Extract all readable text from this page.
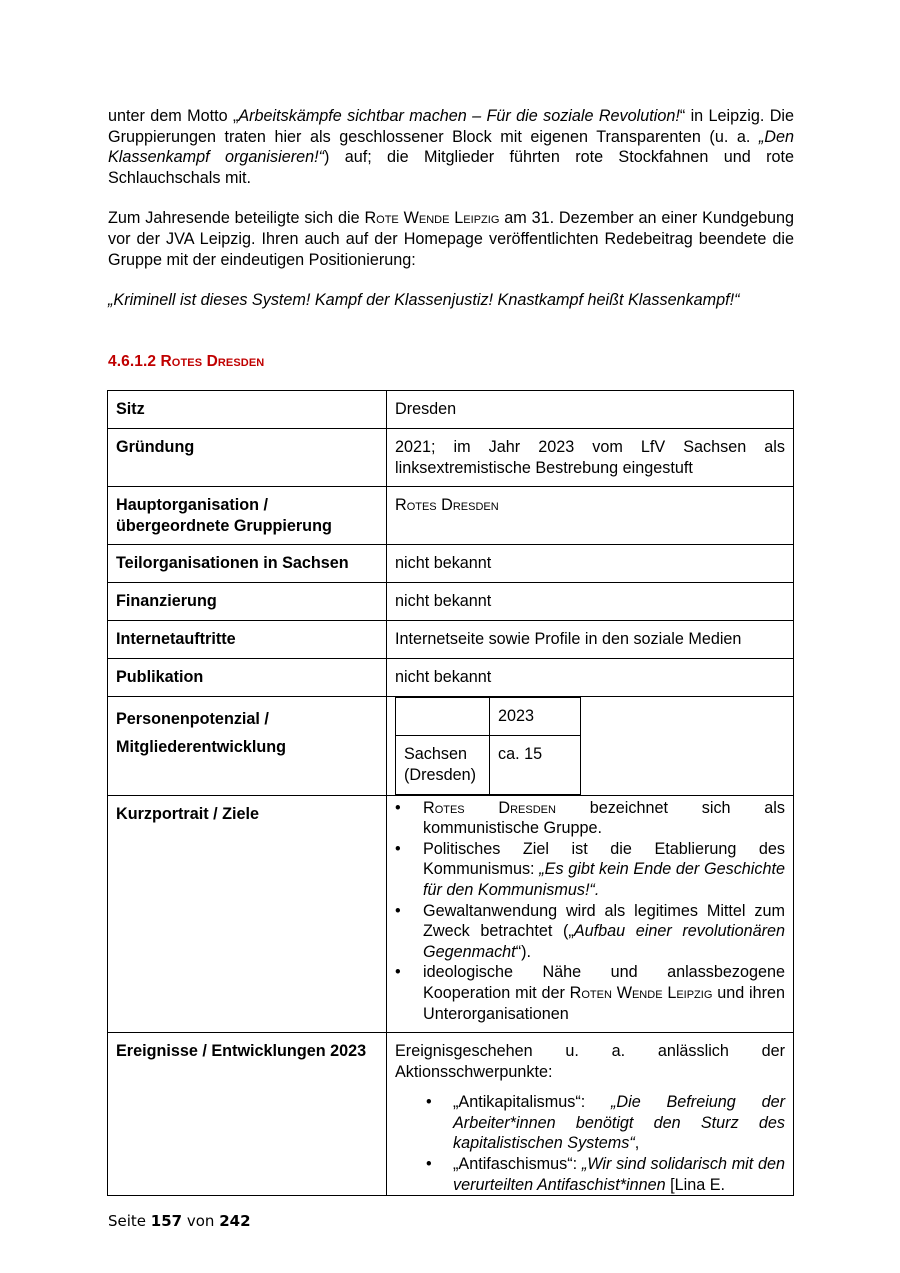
unter dem Motto „Arbeitskämpfe sichtbar machen – Für die soziale Revolution!“ in Leipzig. Die Gruppierungen traten hier als geschlossener Block mit eigenen Transparenten (u. a. „Den Klassenkampf organisieren!“) auf; die Mitglieder führten rote Stockfahnen und rote Schlauchschals mit.

Zum Jahresende beteiligte sich die Rote Wende Leipzig am 31. Dezember an einer Kundgebung vor der JVA Leipzig. Ihren auch auf der Homepage veröffentlichten Redebeitrag beendete die Gruppe mit der eindeutigen Positionierung:

„Kriminell ist dieses System! Kampf der Klassenjustiz! Knastkampf heißt Klassenkampf!“

4.6.1.2 Rotes Dresden
Sitz	Dresden
Gründung	2021; im Jahr 2023 vom LfV Sachsen als linksextremistische Bestrebung eingestuft
Hauptorganisation /
übergeordnete Gruppierung	Rotes Dresden
Teilorganisationen in Sachsen	nicht bekannt
Finanzierung	nicht bekannt
Internetauftritte	Internetseite sowie Profile in den soziale Medien
Publikation	nicht bekannt
Personenpotenzial /
Mitgliederentwicklung	
	2023
Sachsen (Dresden)	ca. 15

Kurzportrait / Ziele	
•Rotes Dresden bezeichnet sich als kommunistische Gruppe.
• Politisches Ziel ist die Etablierung des Kommunismus: „Es gibt kein Ende der Geschichte für den Kommunismus!“.
• Gewaltanwendung wird als legitimes Mittel zum Zweck betrachtet („Aufbau einer revolutionären Gegenmacht“).
• ideologische Nähe und anlassbezogene Kooperation mit der Roten Wende Leipzig und ihren Unterorganisationen

Ereignisse / Entwicklungen 2023	Ereignisgeschehen u. a. anlässlich der Aktionsschwerpunkte:

• „Antikapitalismus“: „Die Befreiung der Arbeiter*innen benötigt den Sturz des kapitalistischen Systems“,
• „Antifaschismus“: „Wir sind solidarisch mit den verurteilten Antifaschist*innen [Lina E.
Seite 157 von 242
